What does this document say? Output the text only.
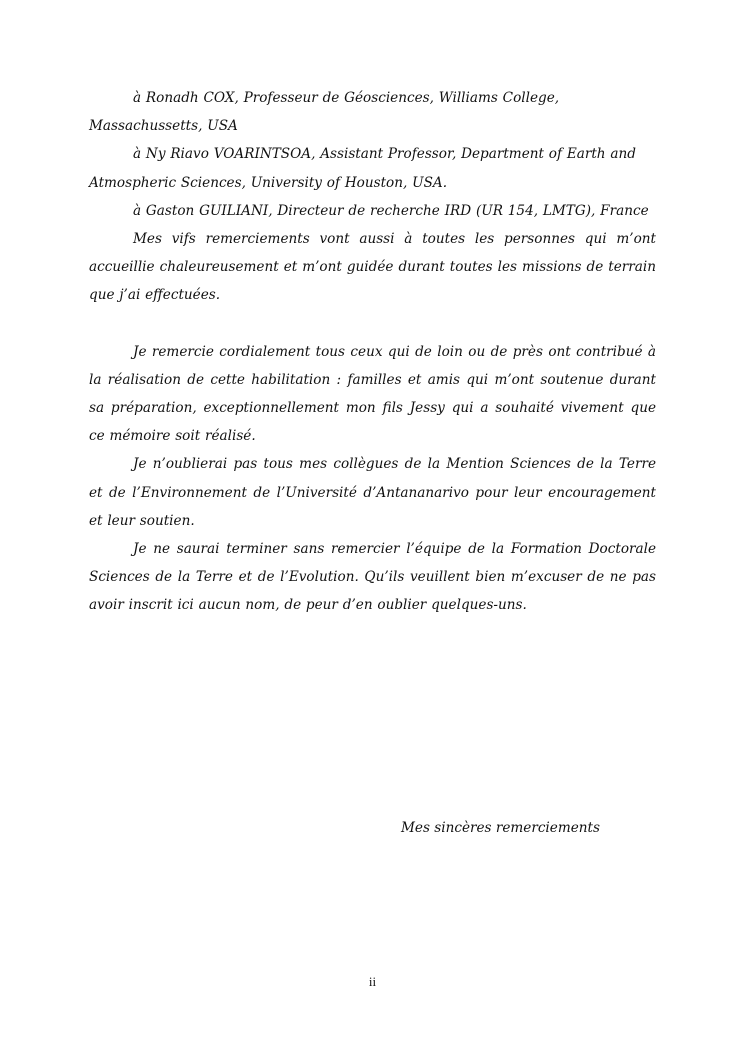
à Ronadh COX, Professeur de Géosciences, Williams College, Massachussetts, USA

à Ny Riavo VOARINTSOA, Assistant Professor, Department of Earth and Atmospheric Sciences, University of Houston, USA.

à Gaston GUILIANI, Directeur de recherche IRD (UR 154, LMTG), France

Mes vifs remerciements vont aussi à toutes les personnes qui m’ont accueillie chaleureusement et m’ont guidée durant toutes les missions de terrain que j’ai effectuées.

Je remercie cordialement tous ceux qui de loin ou de près ont contribué à la réalisation de cette habilitation : familles et amis qui m’ont soutenue durant sa préparation, exceptionnellement mon fils Jessy qui a souhaité vivement que ce mémoire soit réalisé.

Je n’oublierai pas tous mes collègues de la Mention Sciences de la Terre et de l’Environnement de l’Université d’Antananarivo pour leur encouragement et leur soutien.

Je ne saurai terminer sans remercier l’équipe de la Formation Doctorale Sciences de la Terre et de l’Evolution. Qu’ils veuillent bien m’excuser de ne pas avoir inscrit ici aucun nom, de peur d’en oublier quelques-uns.

Mes sincères remerciements
ii
